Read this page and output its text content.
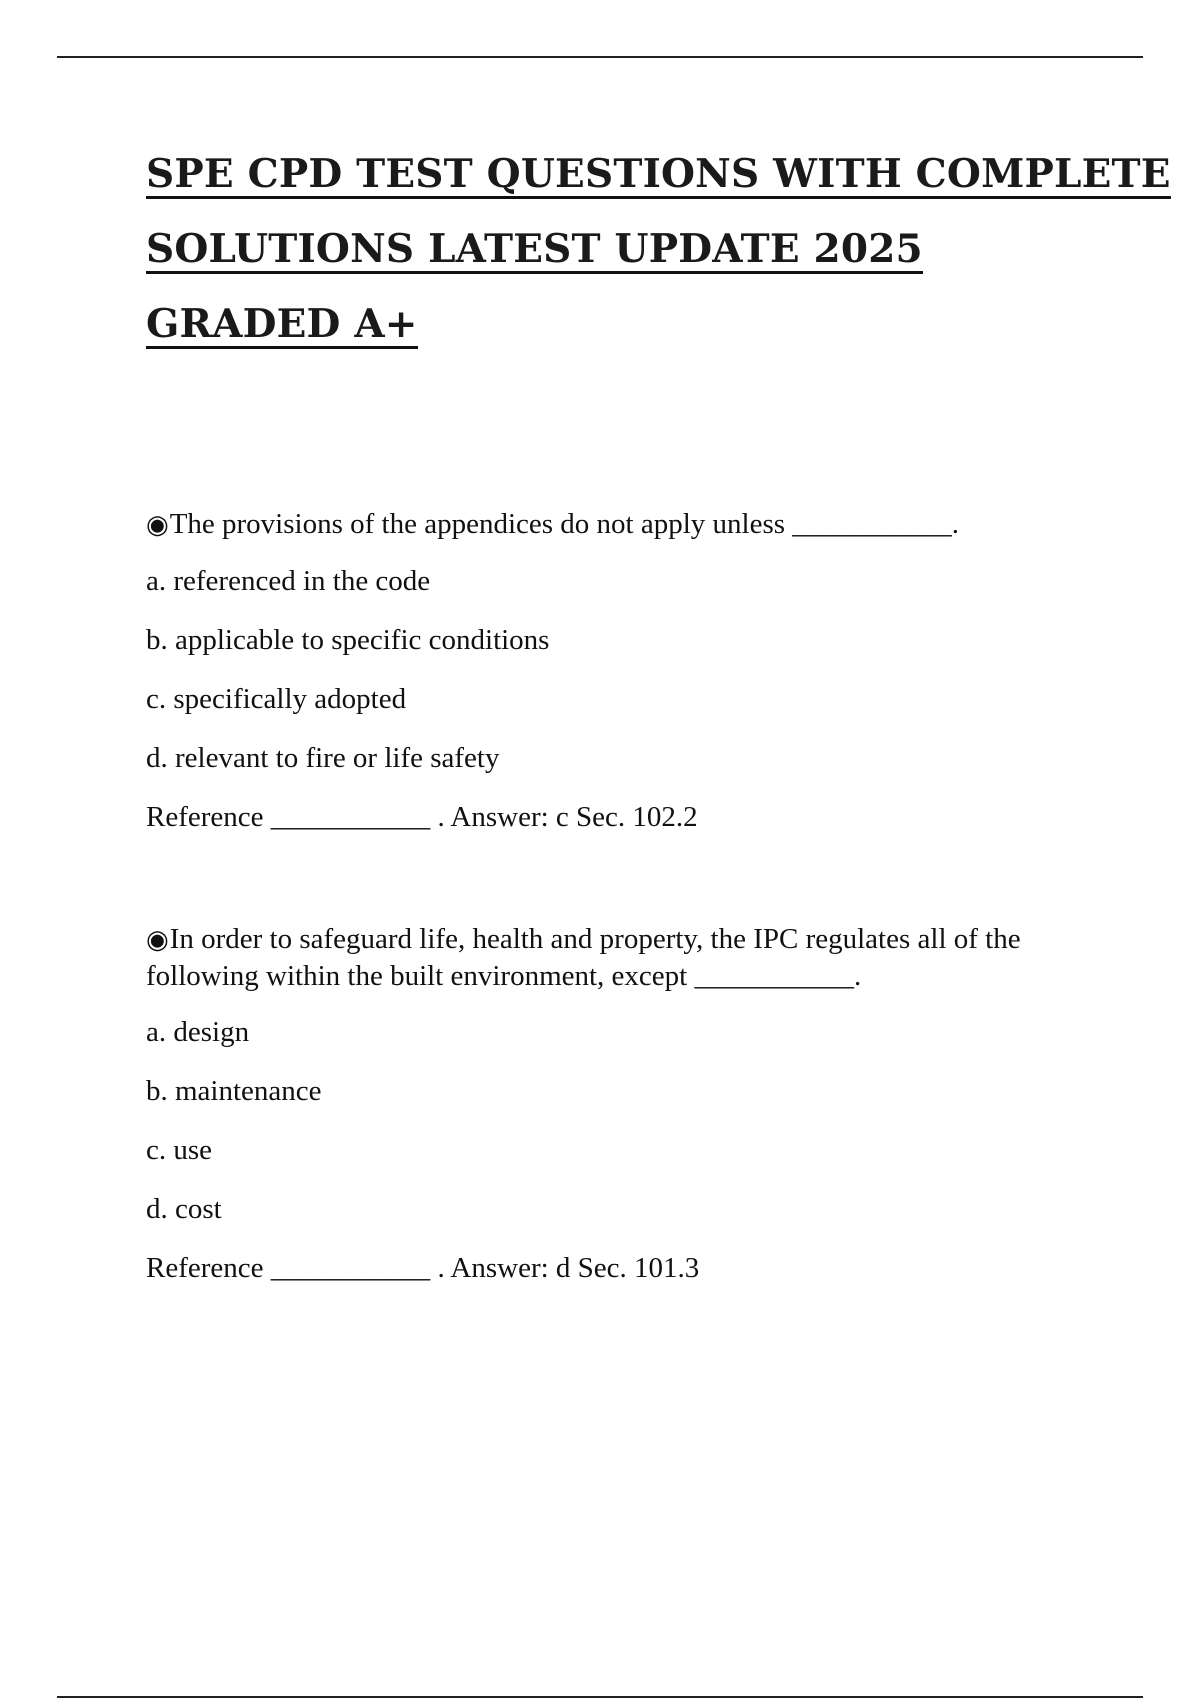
SPE CPD TEST QUESTIONS WITH COMPLETE
SOLUTIONS LATEST UPDATE 2025
GRADED A+

◉The provisions of the appendices do not apply unless ___________.

a. referenced in the code
b. applicable to specific conditions
c. specifically adopted
d. relevant to fire or life safety
Reference ___________ . Answer: c Sec. 102.2

◉In order to safeguard life, health and property, the IPC regulates all of the following within the built environment, except ___________.

a. design
b. maintenance
c. use
d. cost
Reference ___________ . Answer: d Sec. 101.3
